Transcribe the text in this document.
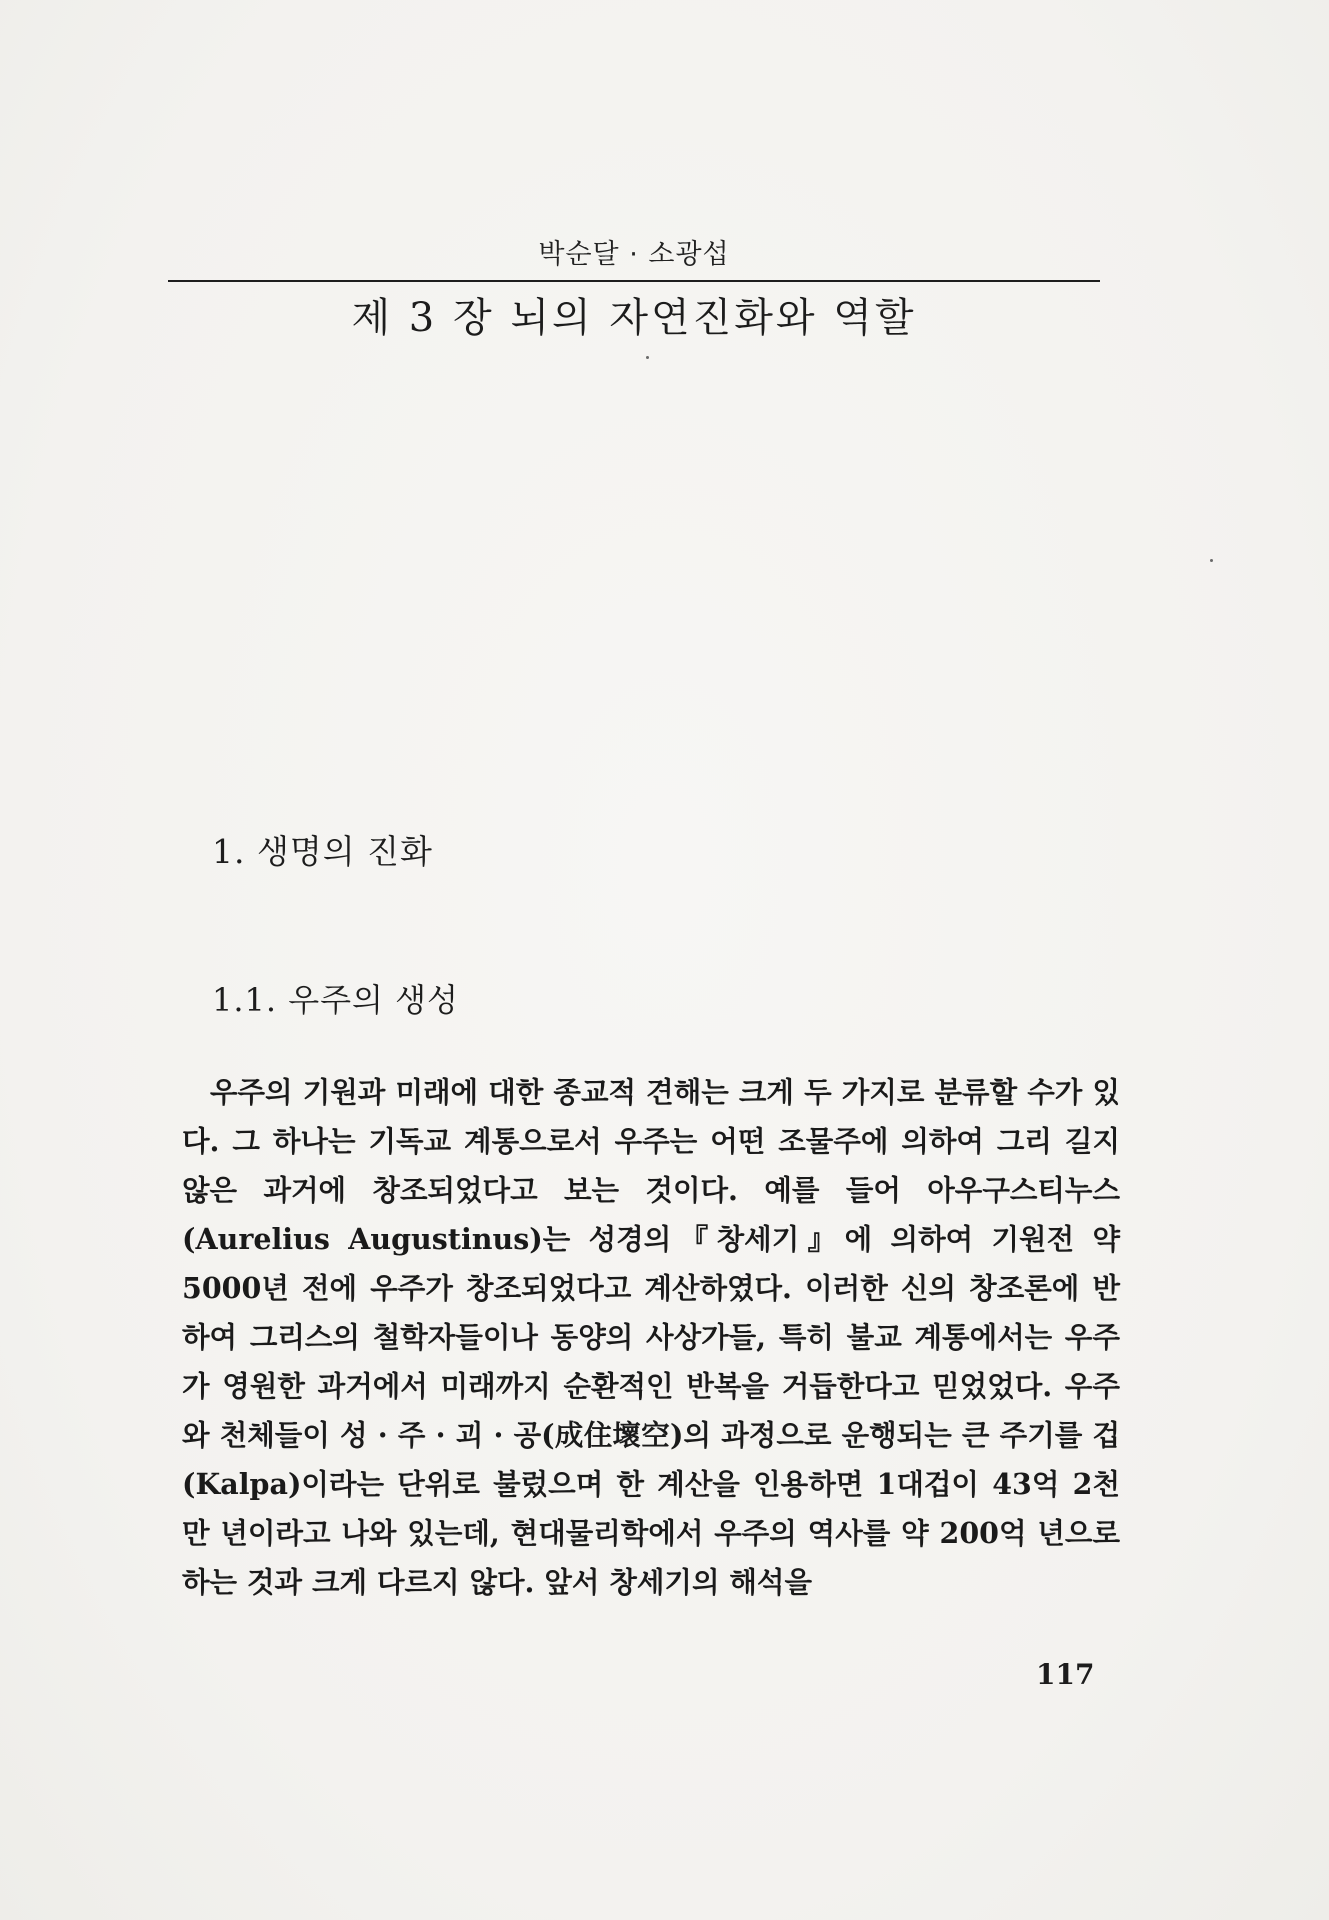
박순달 · 소광섭
제 3 장 뇌의 자연진화와 역할
1. 생명의 진화
1.1. 우주의 생성

우주의 기원과 미래에 대한 종교적 견해는 크게 두 가지로 분류할 수가 있다. 그 하나는 기독교 계통으로서 우주는 어떤 조물주에 의하여 그리 길지 않은 과거에 창조되었다고 보는 것이다. 예를 들어 아우구스티누스(Aurelius Augustinus)는 성경의『창세기』에 의하여 기원전 약 5000년 전에 우주가 창조되었다고 계산하였다. 이러한 신의 창조론에 반하여 그리스의 철학자들이나 동양의 사상가들, 특히 불교 계통에서는 우주가 영원한 과거에서 미래까지 순환적인 반복을 거듭한다고 믿었었다. 우주와 천체들이 성 · 주 · 괴 · 공(成住壞空)의 과정으로 운행되는 큰 주기를 겁(Kalpa)이라는 단위로 불렀으며 한 계산을 인용하면 1대겁이 43억 2천만 년이라고 나와 있는데, 현대물리학에서 우주의 역사를 약 200억 년으로 하는 것과 크게 다르지 않다. 앞서 창세기의 해석을

117
